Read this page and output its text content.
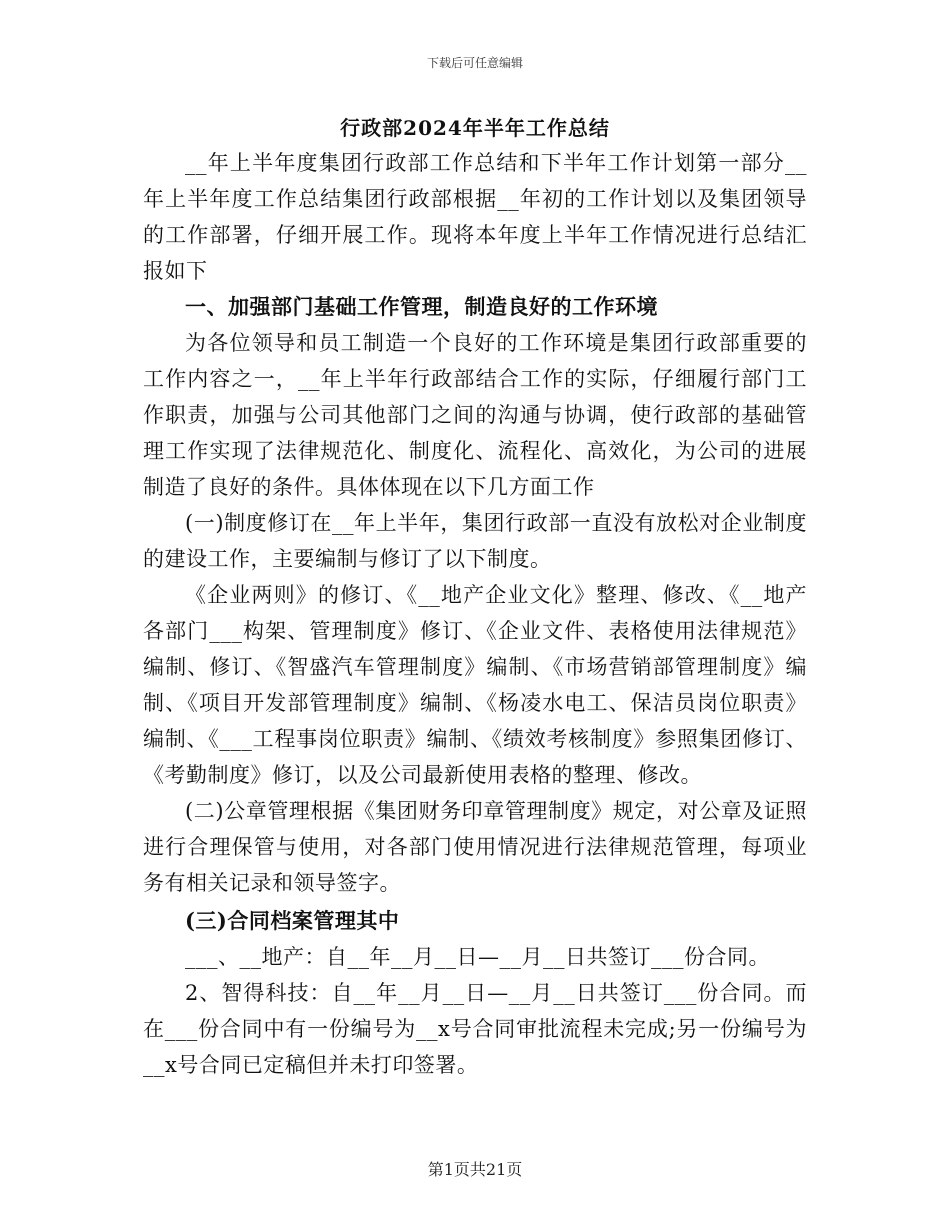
下载后可任意编辑
行政部2024年半年工作总结

__年上半年度集团行政部工作总结和下半年工作计划第一部分__年上半年度工作总结集团行政部根据__年初的工作计划以及集团领导的工作部署，仔细开展工作。现将本年度上半年工作情况进行总结汇报如下

一、加强部门基础工作管理，制造良好的工作环境

为各位领导和员工制造一个良好的工作环境是集团行政部重要的工作内容之一，__年上半年行政部结合工作的实际，仔细履行部门工作职责，加强与公司其他部门之间的沟通与协调，使行政部的基础管理工作实现了法律规范化、制度化、流程化、高效化，为公司的进展制造了良好的条件。具体体现在以下几方面工作

(一)制度修订在__年上半年，集团行政部一直没有放松对企业制度的建设工作，主要编制与修订了以下制度。

《企业两则》的修订、《__地产企业文化》整理、修改、《__地产各部门___构架、管理制度》修订、《企业文件、表格使用法律规范》编制、修订、《智盛汽车管理制度》编制、《市场营销部管理制度》编制、《项目开发部管理制度》编制、《杨凌水电工、保洁员岗位职责》编制、《___工程事岗位职责》编制、《绩效考核制度》参照集团修订、《考勤制度》修订，以及公司最新使用表格的整理、修改。

(二)公章管理根据《集团财务印章管理制度》规定，对公章及证照进行合理保管与使用，对各部门使用情况进行法律规范管理，每项业务有相关记录和领导签字。

(三)合同档案管理其中

___、__地产：自__年__月__日—__月__日共签订___份合同。

2、智得科技：自__年__月__日—__月__日共签订___份合同。而在___份合同中有一份编号为__x号合同审批流程未完成;另一份编号为__x号合同已定稿但并未打印签署。

第1页共21页
